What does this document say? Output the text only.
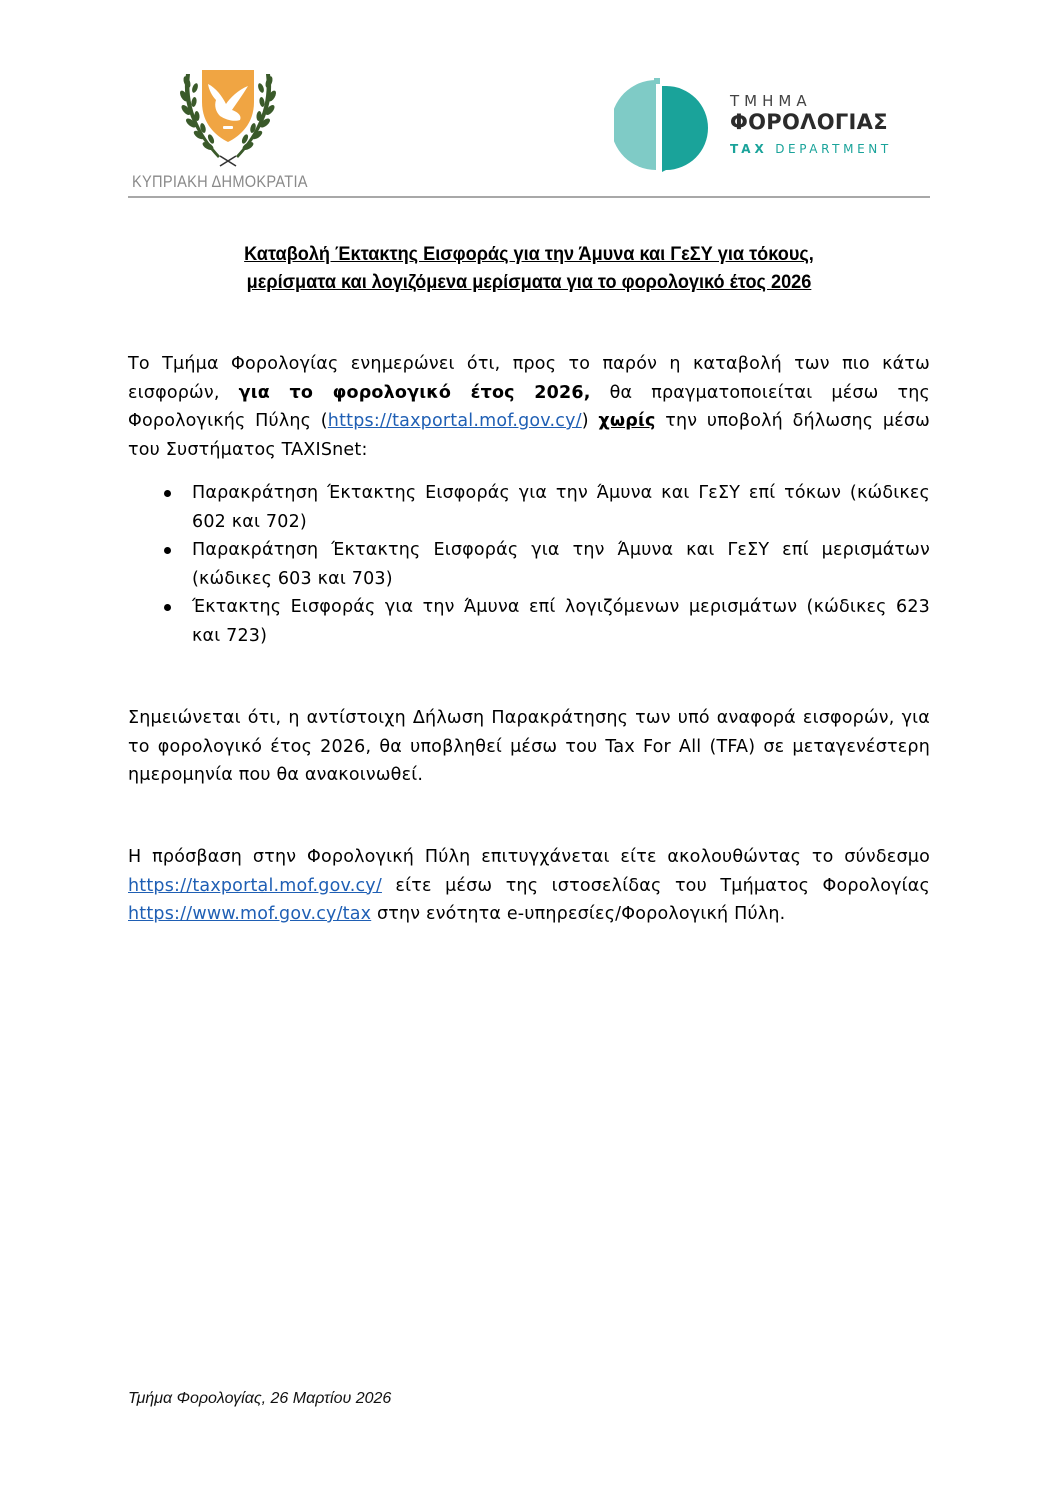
ΚΥΠΡΙΑΚΗ ΔΗΜΟΚΡΑΤΙΑ
ΤΜΗΜΑ
ΦΟΡΟΛΟΓΙΑΣ
TAX DEPARTMENT
Καταβολή Έκτακτης Εισφοράς για την Άμυνα και ΓεΣΥ για τόκους,
μερίσματα και λογιζόμενα μερίσματα για το φορολογικό έτος 2026
Το Τμήμα Φορολογίας ενημερώνει ότι, προς το παρόν η καταβολή των πιο κάτω εισφορών, για το φορολογικό έτος 2026, θα πραγματοποιείται μέσω της Φορολογικής Πύλης (https://taxportal.mof.gov.cy/) χωρίς την υποβολή δήλωσης μέσω του Συστήματος TAXISnet:
Παρακράτηση Έκτακτης Εισφοράς για την Άμυνα και ΓεΣΥ επί τόκων (κώδικες 602 και 702)
Παρακράτηση Έκτακτης Εισφοράς για την Άμυνα και ΓεΣΥ επί μερισμάτων (κώδικες 603 και 703)
Έκτακτης Εισφοράς για την Άμυνα επί λογιζόμενων μερισμάτων (κώδικες 623 και 723)
Σημειώνεται ότι, η αντίστοιχη Δήλωση Παρακράτησης των υπό αναφορά εισφορών, για το φορολογικό έτος 2026, θα υποβληθεί μέσω του Tax For All (TFA) σε μεταγενέστερη ημερομηνία που θα ανακοινωθεί.
Η πρόσβαση στην Φορολογική Πύλη επιτυγχάνεται είτε ακολουθώντας το σύνδεσμο https://taxportal.mof.gov.cy/ είτε μέσω της ιστοσελίδας του Τμήματος Φορολογίας https://www.mof.gov.cy/tax στην ενότητα e-υπηρεσίες/Φορολογική Πύλη.
Τμήμα Φορολογίας, 26 Μαρτίου 2026
